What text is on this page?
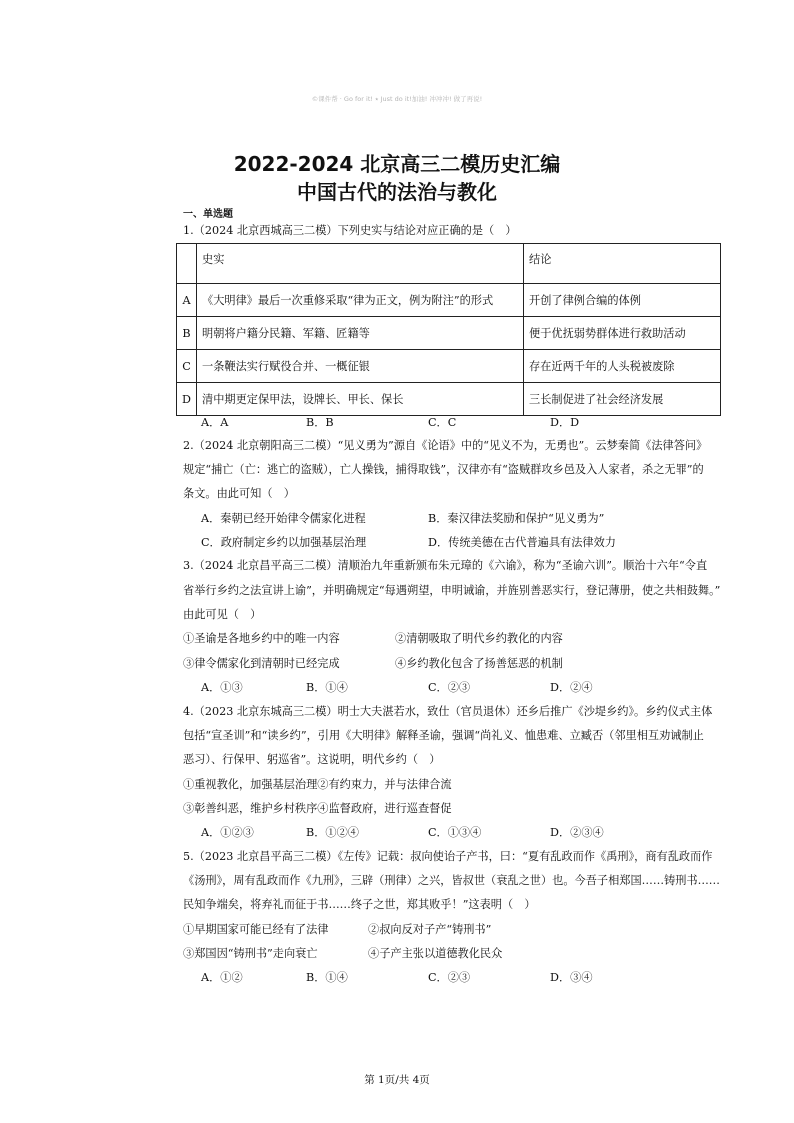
©课件帮 · Go for it! ⭑ Just do it!加油! 冲冲冲! 做了再说!
2022-2024 北京高三二模历史汇编
中国古代的法治与教化
一、单选题
1.（2024 北京西城高三二模）下列史实与结论对应正确的是（　）
	史实	结论
A	《大明律》最后一次重修采取“律为正文，例为附注”的形式	开创了律例合编的体例
B	明朝将户籍分民籍、军籍、匠籍等	便于优抚弱势群体进行救助活动
C	一条鞭法实行赋役合并、一概征银	存在近两千年的人头税被废除
D	清中期更定保甲法，设牌长、甲长、保长	三长制促进了社会经济发展
A．A	B．B	C．C	D．D
2.（2024 北京朝阳高三二模）“见义勇为”源自《论语》中的“见义不为，无勇也”。云梦秦简《法律答问》
规定“捕亡（亡：逃亡的盗贼），亡人操钱，捕得取钱”，汉律亦有“盗贼群攻乡邑及入人家者，杀之无罪”的
条文。由此可知（　）
A．秦朝已经开始律令儒家化进程	B．秦汉律法奖励和保护“见义勇为”
C．政府制定乡约以加强基层治理	D．传统美德在古代普遍具有法律效力
3.（2024 北京昌平高三二模）清顺治九年重新颁布朱元璋的《六谕》，称为“圣谕六训”。顺治十六年“令直
省举行乡约之法宣讲上谕”，并明确规定“每遇朔望，申明诫谕，并旌别善恶实行，登记薄册，使之共相鼓舞。”
由此可见（　）
①圣谕是各地乡约中的唯一内容	②清朝吸取了明代乡约教化的内容
③律令儒家化到清朝时已经完成	④乡约教化包含了扬善惩恶的机制
A．①③	B．①④	C．②③	D．②④
4.（2023 北京东城高三二模）明士大夫湛若水，致仕（官员退休）还乡后推广《沙堤乡约》。乡约仪式主体
包括“宣圣训”和“读乡约”，引用《大明律》解释圣谕，强调“尚礼义、恤患难、立臧否（邻里相互劝诫制止
恶习）、行保甲、躬巡省”。这说明，明代乡约（　）
①重视教化，加强基层治理②有约束力，并与法律合流
③彰善纠恶，维护乡村秩序④监督政府，进行巡查督促
A．①②③	B．①②④	C．①③④	D．②③④
5.（2023 北京昌平高三二模）《左传》记载：叔向使诒子产书，曰：“夏有乱政而作《禹刑》，商有乱政而作
《汤刑》，周有乱政而作《九刑》，三辟（刑律）之兴，皆叔世（衰乱之世）也。今吾子相郑国……铸刑书……
民知争端矣，将弃礼而征于书……终子之世，郑其败乎！”这表明（　）
①早期国家可能已经有了法律	②叔向反对子产“铸刑书”
③郑国因“铸刑书”走向衰亡	④子产主张以道德教化民众
A．①②	B．①④	C．②③	D．③④
第 1页/共 4页
